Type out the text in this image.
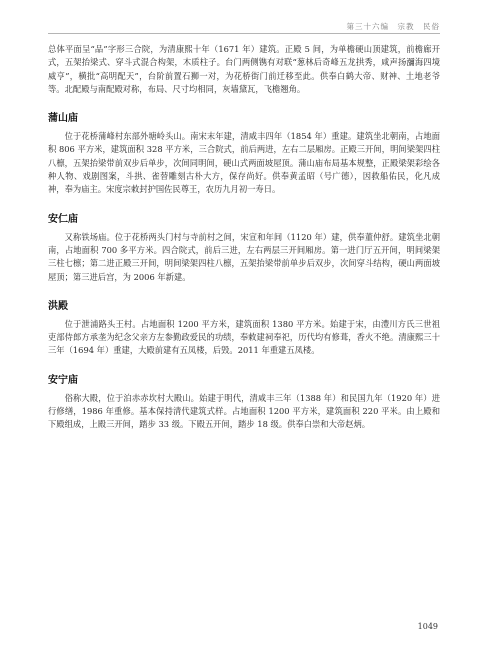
第三十六编　宗教　民俗

总体平面呈“品”字形三合院，为清康熙十年（1671 年）建筑。正殿 5 间，为单檐硬山顶建筑，前檐廊开式，五架抬梁式、穿斗式混合构架，木质柱子。台门两侧镌有对联“葱林后奇峰五龙拱秀，咸声扬瀰海四境威亨”，横批“高明配天”，台阶前置石狮一对，为花桥街门前迁移至此。供奉白鹤大帝、财神、土地老爷等。北配殿与南配殿对称，布局、尺寸均相同，灰墙黛瓦，飞檐翘角。

蒲山庙

位于花桥蒲峰村东部外塘岭头山。南宋末年建，清咸丰四年（1854 年）重建。建筑坐北朝南，占地面积 806 平方米，建筑面积 328 平方米，三合院式，前后两进，左右二层厢房。正殿三开间，明间梁架四柱八檩，五架抬梁带前双步后单步，次间同明间，硬山式两面坡屋顶。蒲山庙布局基本规整，正殿梁架彩绘各种人物、戏剧图案，斗拱、雀替雕刻古朴大方，保存尚好。供奉黄孟昭（号广德），因救船佑民，化凡成神，奉为庙主。宋度宗敕封护国佐民尊王，农历九月初一寿日。

安仁庙

又称铁场庙。位于花桥两头门村与寺前村之间，宋宣和年间（1120 年）建，供奉董仲舒。建筑坐北朝南，占地面积 700 多平方米。四合院式，前后三进，左右两层三开间厢房。第一进门厅五开间，明间梁架三柱七檩；第二进正殿三开间，明间梁架四柱八檩，五架抬梁带前单步后双步，次间穿斗结构，硬山两面坡屋顶；第三进后宫，为 2006 年新建。

洪殿

位于泄浦路头王村。占地面积 1200 平方米，建筑面积 1380 平方米。始建于宋，由澧川方氏三世祖吏部侍郎方承垄为纪念父亲方左参勤政爱民的功绩，奉敕建祠奉祀，历代均有修葺，香火不绝。清康熙三十三年（1694 年）重建，大殿前建有五凤楼，后毁。2011 年重建五凤楼。

安宁庙

俗称大殿，位于泊赤赤坎村大殿山。始建于明代，清咸丰三年（1388 年）和民国九年（1920 年）进行修缮，1986 年重修。基本保持清代建筑式样。占地面积 1200 平方米，建筑面积 220 平米。由上殿和下殿组成，上殿三开间，踏步 33 级。下殿五开间，踏步 18 级。供奉白崇和大帝赵炳。

1049
